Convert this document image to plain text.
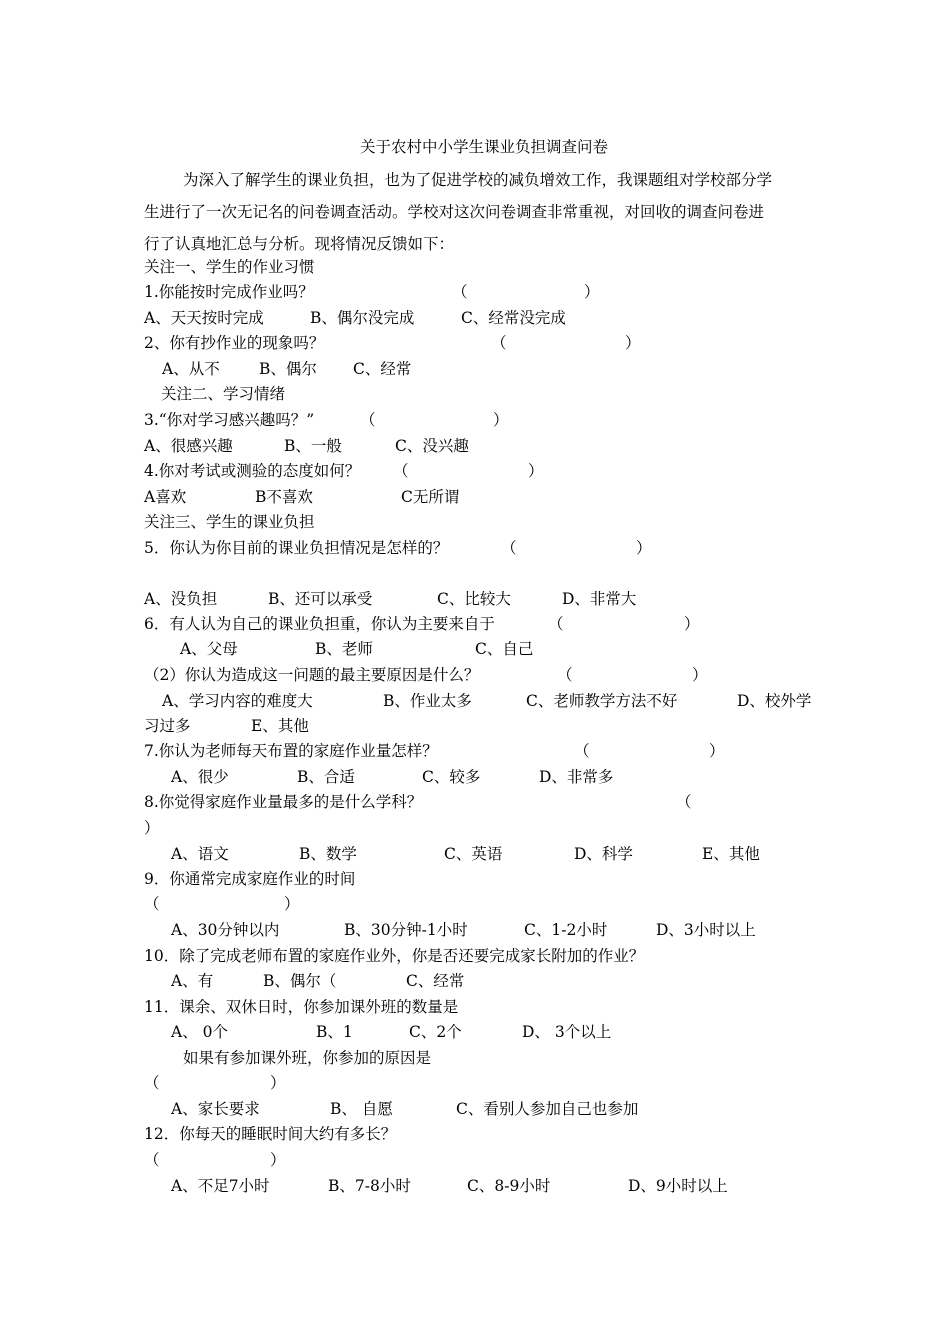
关于农村中小学生课业负担调查问卷
为深入了解学生的课业负担，也为了促进学校的减负增效工作，我课题组对学校部分学
生进行了一次无记名的问卷调查活动。学校对这次问卷调查非常重视，对回收的调查问卷进
行了认真地汇总与分析。现将情况反馈如下：
关注一、学生的作业习惯
1.你能按时完成作业吗？	（	）
A、天天按时完成	B、偶尔没完成	C、经常没完成
2、你有抄作业的现象吗？	（	）
A、从不	B、偶尔 C、经常
关注二、学习情绪
3.“你对学习感兴趣吗？”	（	）
A、很感兴趣	B、一般	C、没兴趣
4.你对考试或测验的态度如何？ （	）
A喜欢	B不喜欢	C无所谓
关注三、学生的课业负担
5．你认为你目前的课业负担情况是怎样的？	（	）
A、没负担	B、还可以承受	C、比较大	D、非常大
6．有人认为自己的课业负担重，你认为主要来自于	（	）
A、父母	B、老师	C、自己
（2）你认为造成这一问题的最主要原因是什么？	（	）
A、学习内容的难度大	B、作业太多	C、老师教学方法不好	D、校外学
习过多	E、其他
7.你认为老师每天布置的家庭作业量怎样？	（	）
A、很少	B、合适	C、较多	D、非常多
8.你觉得家庭作业量最多的是什么学科？	（
）
A、语文	B、数学	C、英语	D、科学	E、其他
9．你通常完成家庭作业的时间
（	）
A、30分钟以内	B、30分钟-1小时	C、1-2小时	D、3小时以上
10．除了完成老师布置的家庭作业外，你是否还要完成家长附加的作业？
A、有	B、偶尔（	C、经常
11．课余、双休日时，你参加课外班的数量是
A、 0个	B、1	C、2个	D、 3个以上
如果有参加课外班，你参加的原因是
（	）
A、家长要求	B、 自愿	C、看别人参加自己也参加
12．你每天的睡眠时间大约有多长？
（	）
A、不足7小时	B、7-8小时	C、8-9小时	D、9小时以上
